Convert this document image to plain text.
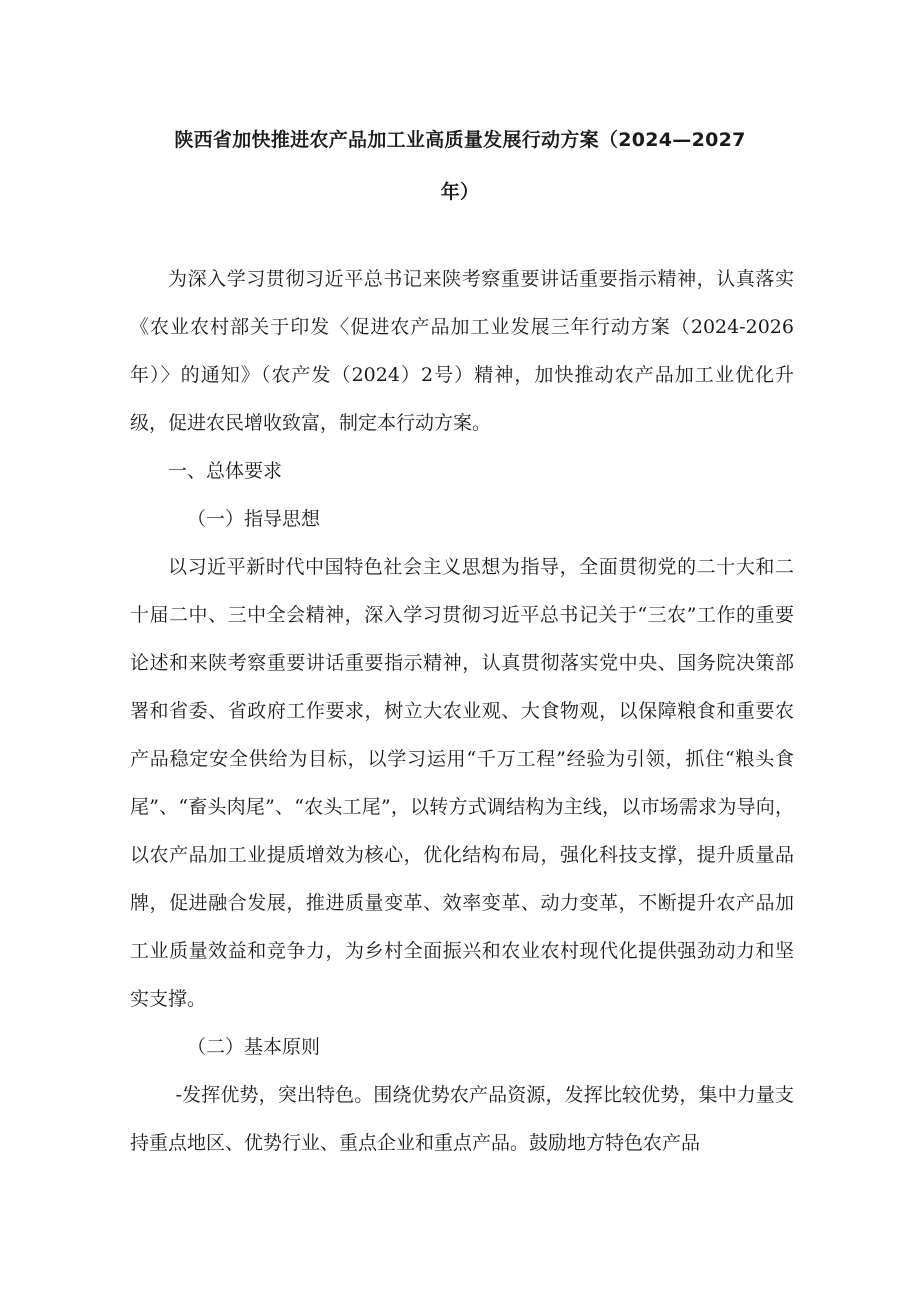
陕西省加快推进农产品加工业高质量发展行动方案（2024—2027
年）

为深入学习贯彻习近平总书记来陕考察重要讲话重要指示精神，认真落实《农业农村部关于印发〈促进农产品加工业发展三年行动方案（2024-2026年）〉的通知》（农产发（2024）2号）精神，加快推动农产品加工业优化升级，促进农民增收致富，制定本行动方案。

一、总体要求

（一）指导思想

以习近平新时代中国特色社会主义思想为指导，全面贯彻党的二十大和二十届二中、三中全会精神，深入学习贯彻习近平总书记关于“三农”工作的重要论述和来陕考察重要讲话重要指示精神，认真贯彻落实党中央、国务院决策部署和省委、省政府工作要求，树立大农业观、大食物观，以保障粮食和重要农产品稳定安全供给为目标，以学习运用“千万工程”经验为引领，抓住“粮头食尾”、“畜头肉尾”、“农头工尾”，以转方式调结构为主线，以市场需求为导向，以农产品加工业提质增效为核心，优化结构布局，强化科技支撑，提升质量品牌，促进融合发展，推进质量变革、效率变革、动力变革，不断提升农产品加工业质量效益和竞争力，为乡村全面振兴和农业农村现代化提供强劲动力和坚实支撑。

（二）基本原则

-发挥优势，突出特色。围绕优势农产品资源，发挥比较优势，集中力量支持重点地区、优势行业、重点企业和重点产品。鼓励地方特色农产品
